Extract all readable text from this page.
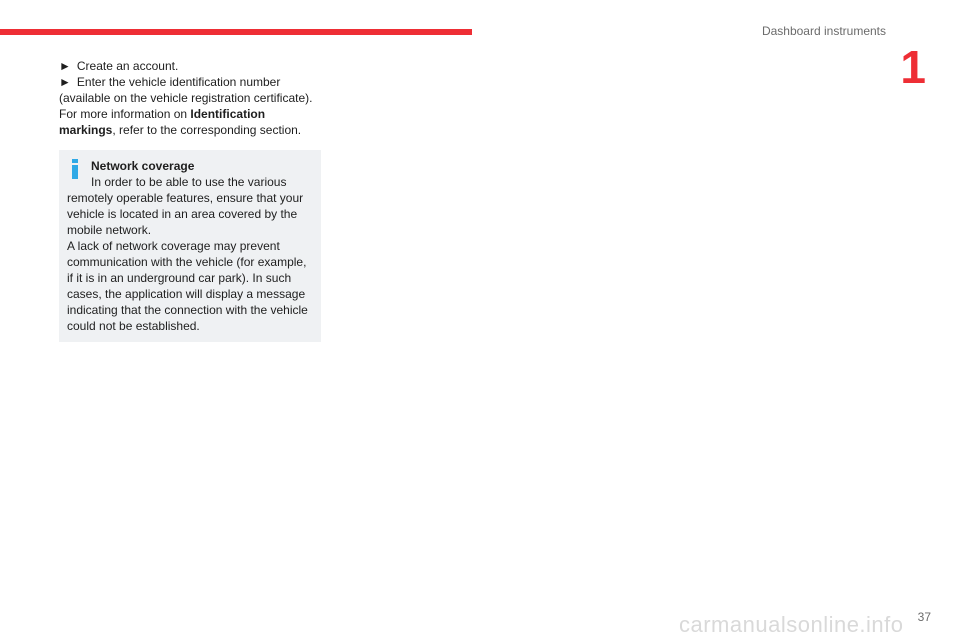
Dashboard instruments
1

► Create an account.

► Enter the vehicle identification number (available on the vehicle registration certificate).

For more information on Identification markings, refer to the corresponding section.

Network coverage

In order to be able to use the various remotely operable features, ensure that your vehicle is located in an area covered by the mobile network.

A lack of network coverage may prevent communication with the vehicle (for example, if it is in an underground car park). In such cases, the application will display a message indicating that the connection with the vehicle could not be established.

37
carmanualsonline.info
